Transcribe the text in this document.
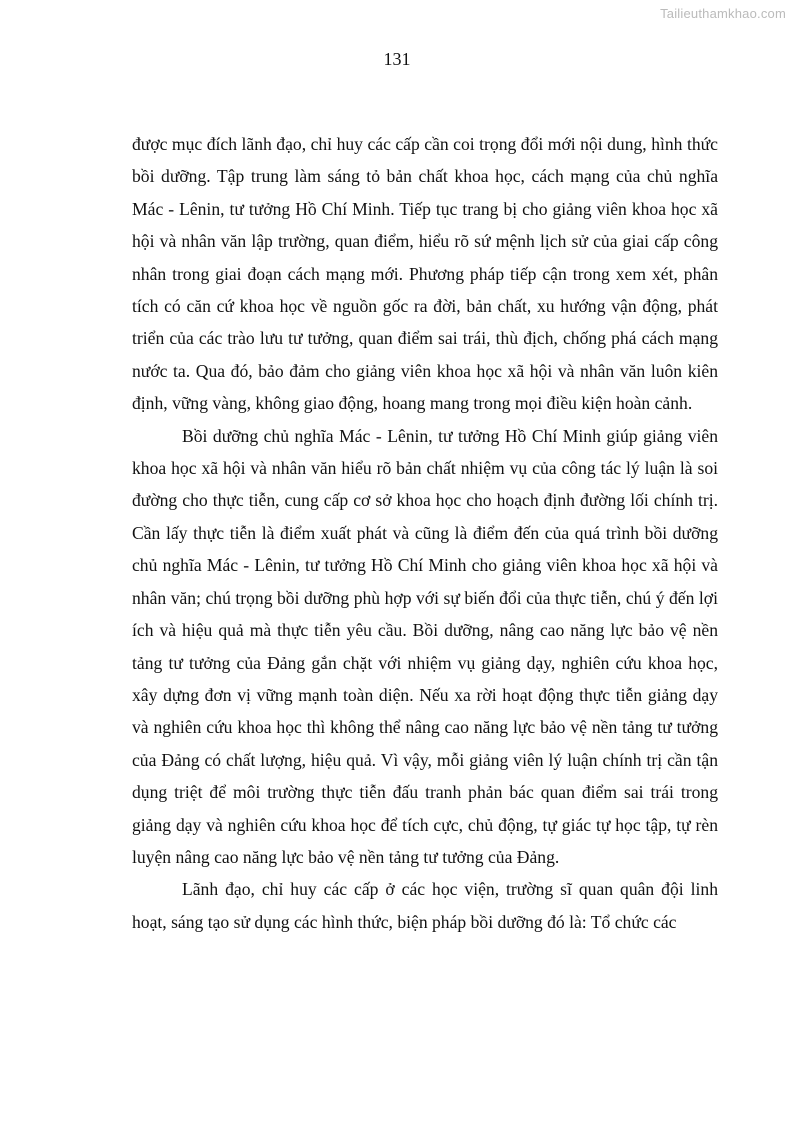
Tailieuthamkhao.com
131

được mục đích lãnh đạo, chỉ huy các cấp cần coi trọng đổi mới nội dung, hình thức bồi dưỡng. Tập trung làm sáng tỏ bản chất khoa học, cách mạng của chủ nghĩa Mác - Lênin, tư tưởng Hồ Chí Minh. Tiếp tục trang bị cho giảng viên khoa học xã hội và nhân văn lập trường, quan điểm, hiểu rõ sứ mệnh lịch sử của giai cấp công nhân trong giai đoạn cách mạng mới. Phương pháp tiếp cận trong xem xét, phân tích có căn cứ khoa học về nguồn gốc ra đời, bản chất, xu hướng vận động, phát triển của các trào lưu tư tưởng, quan điểm sai trái, thù địch, chống phá cách mạng nước ta. Qua đó, bảo đảm cho giảng viên khoa học xã hội và nhân văn luôn kiên định, vững vàng, không giao động, hoang mang trong mọi điều kiện hoàn cảnh.

Bồi dưỡng chủ nghĩa Mác - Lênin, tư tưởng Hồ Chí Minh giúp giảng viên khoa học xã hội và nhân văn hiểu rõ bản chất nhiệm vụ của công tác lý luận là soi đường cho thực tiễn, cung cấp cơ sở khoa học cho hoạch định đường lối chính trị. Cần lấy thực tiễn là điểm xuất phát và cũng là điểm đến của quá trình bồi dưỡng chủ nghĩa Mác - Lênin, tư tưởng Hồ Chí Minh cho giảng viên khoa học xã hội và nhân văn; chú trọng bồi dưỡng phù hợp với sự biến đổi của thực tiễn, chú ý đến lợi ích và hiệu quả mà thực tiễn yêu cầu. Bồi dưỡng, nâng cao năng lực bảo vệ nền tảng tư tưởng của Đảng gắn chặt với nhiệm vụ giảng dạy, nghiên cứu khoa học, xây dựng đơn vị vững mạnh toàn diện. Nếu xa rời hoạt động thực tiễn giảng dạy và nghiên cứu khoa học thì không thể nâng cao năng lực bảo vệ nền tảng tư tưởng của Đảng có chất lượng, hiệu quả. Vì vậy, mỗi giảng viên lý luận chính trị cần tận dụng triệt để môi trường thực tiễn đấu tranh phản bác quan điểm sai trái trong giảng dạy và nghiên cứu khoa học để tích cực, chủ động, tự giác tự học tập, tự rèn luyện nâng cao năng lực bảo vệ nền tảng tư tưởng của Đảng.

Lãnh đạo, chỉ huy các cấp ở các học viện, trường sĩ quan quân đội linh hoạt, sáng tạo sử dụng các hình thức, biện pháp bồi dưỡng đó là: Tổ chức các
